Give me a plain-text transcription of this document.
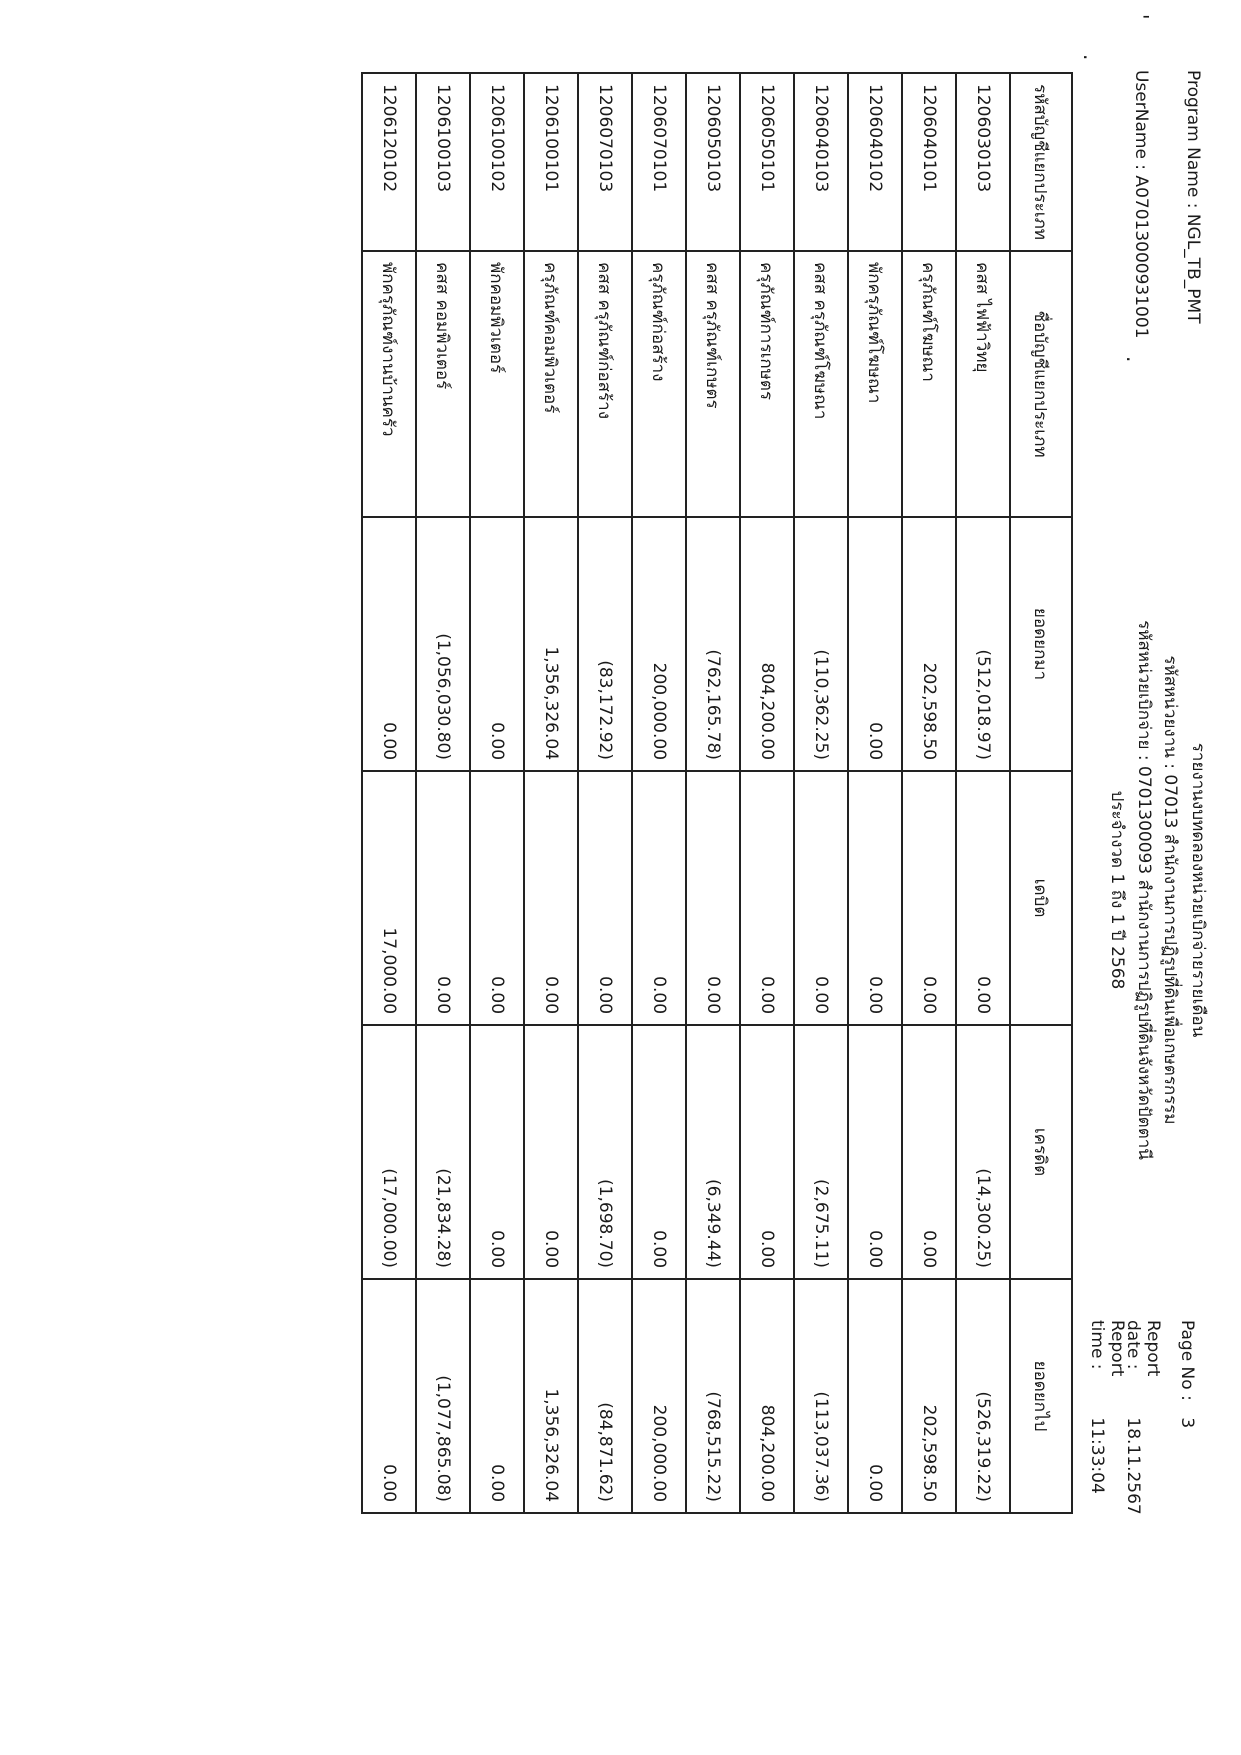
'
.
.
Program Name : NGL_TB_PMT
UserName : A07013000931001
รายงานงบทดลองหน่วยเบิกจ่ายรายเดือน
รหัสหน่วยงาน : 07013 สำนักงานการปฏิรูปที่ดินเพื่อเกษตรกรรม
รหัสหน่วยเบิกจ่าย : 0701300093 สำนักงานการปฏิรูปที่ดินจังหวัดปัตตานี
ประจำงวด 1 ถึง 1 ปี 2568
Page No : 3
Report date : 18.11.2567
Report time : 11:33:04
รหัสบัญชีแยกประเภท	ชื่อบัญชีแยกประเภท	ยอดยกมา	เดบิต	เครดิต	ยอดยกไป
1206030103	คสส ไฟฟ้าวิทยุ	(512,018.97)	0.00	(14,300.25)	(526,319.22)
1206040101	ครุภัณฑ์โฆษณา	202,598.50	0.00	0.00	202,598.50
1206040102	พักครุภัณฑ์โฆษณา	0.00	0.00	0.00	0.00
1206040103	คสส ครุภัณฑ์โฆษณา	(110,362.25)	0.00	(2,675.11)	(113,037.36)
1206050101	ครุภัณฑ์การเกษตร	804,200.00	0.00	0.00	804,200.00
1206050103	คสส ครุภัณฑ์เกษตร	(762,165.78)	0.00	(6,349.44)	(768,515.22)
1206070101	ครุภัณฑ์ก่อสร้าง	200,000.00	0.00	0.00	200,000.00
1206070103	คสส ครุภัณฑ์ก่อสร้าง	(83,172.92)	0.00	(1,698.70)	(84,871.62)
1206100101	ครุภัณฑ์คอมพิวเตอร์	1,356,326.04	0.00	0.00	1,356,326.04
1206100102	พักคอมพิวเตอร์	0.00	0.00	0.00	0.00
1206100103	คสส คอมพิวเตอร์	(1,056,030.80)	0.00	(21,834.28)	(1,077,865.08)
1206120102	พักครุภัณฑ์งานบ้านครัว	0.00	17,000.00	(17,000.00)	0.00
